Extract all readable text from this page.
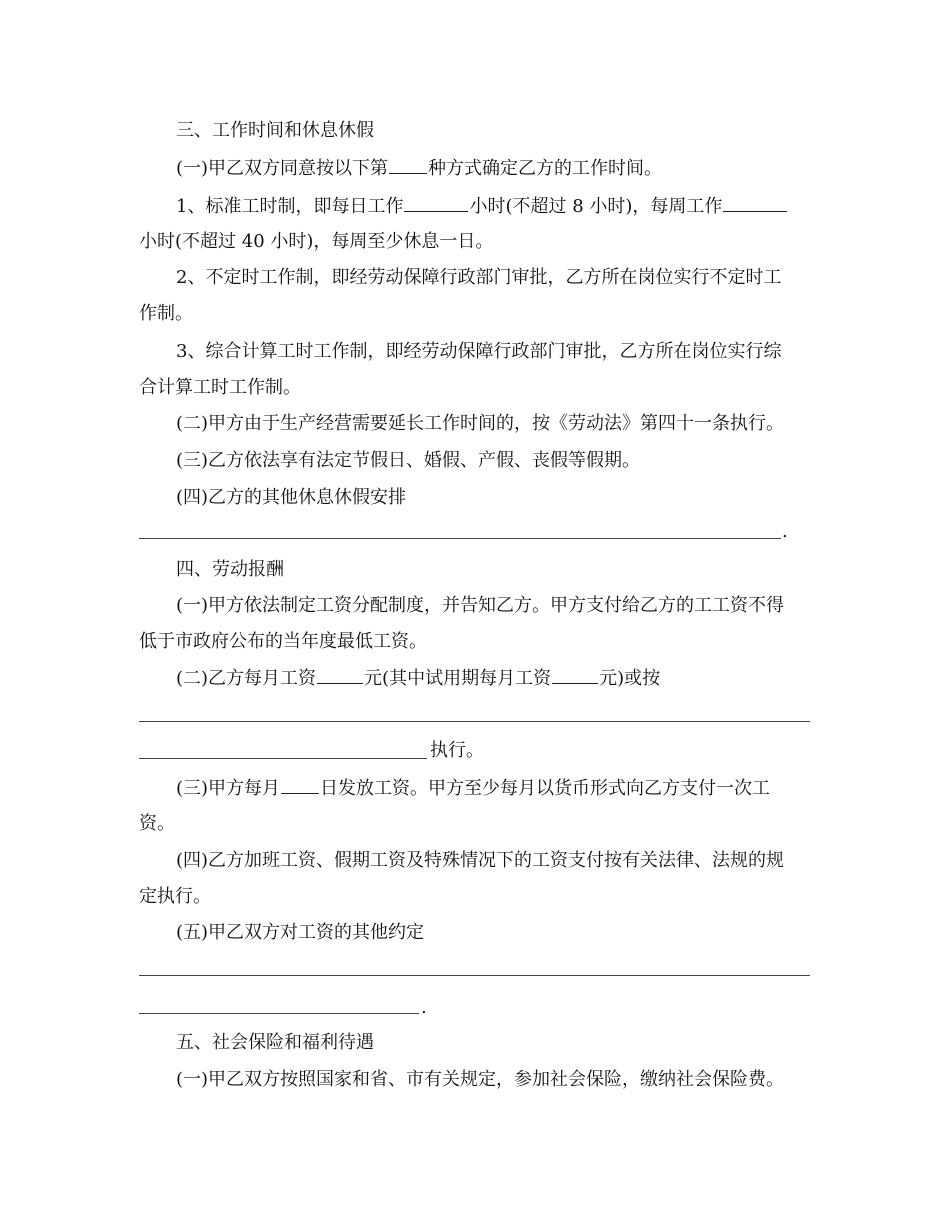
三、工作时间和休息休假
(一)甲乙双方同意按以下第 种方式确定乙方的工作时间。
1、标准工时制，即每日工作	小时(不超过 8 小时)，每周工作
小时(不超过 40 小时)，每周至少休息一日。
2、不定时工作制，即经劳动保障行政部门审批，乙方所在岗位实行不定时工
作制。
3、综合计算工时工作制，即经劳动保障行政部门审批，乙方所在岗位实行综
合计算工时工作制。
(二)甲方由于生产经营需要延长工作时间的，按《劳动法》第四十一条执行。
(三)乙方依法享有法定节假日、婚假、产假、丧假等假期。
(四)乙方的其他休息休假安排
.
四、劳动报酬
(一)甲方依法制定工资分配制度，并告知乙方。甲方支付给乙方的工工资不得
低于市政府公布的当年度最低工资。
(二)乙方每月工资	元(其中试用期每月工资	元)或按
执行。
(三)甲方每月 日发放工资。甲方至少每月以货币形式向乙方支付一次工
资。
(四)乙方加班工资、假期工资及特殊情况下的工资支付按有关法律、法规的规
定执行。
(五)甲乙双方对工资的其他约定
.
五、社会保险和福利待遇
(一)甲乙双方按照国家和省、市有关规定，参加社会保险，缴纳社会保险费。
